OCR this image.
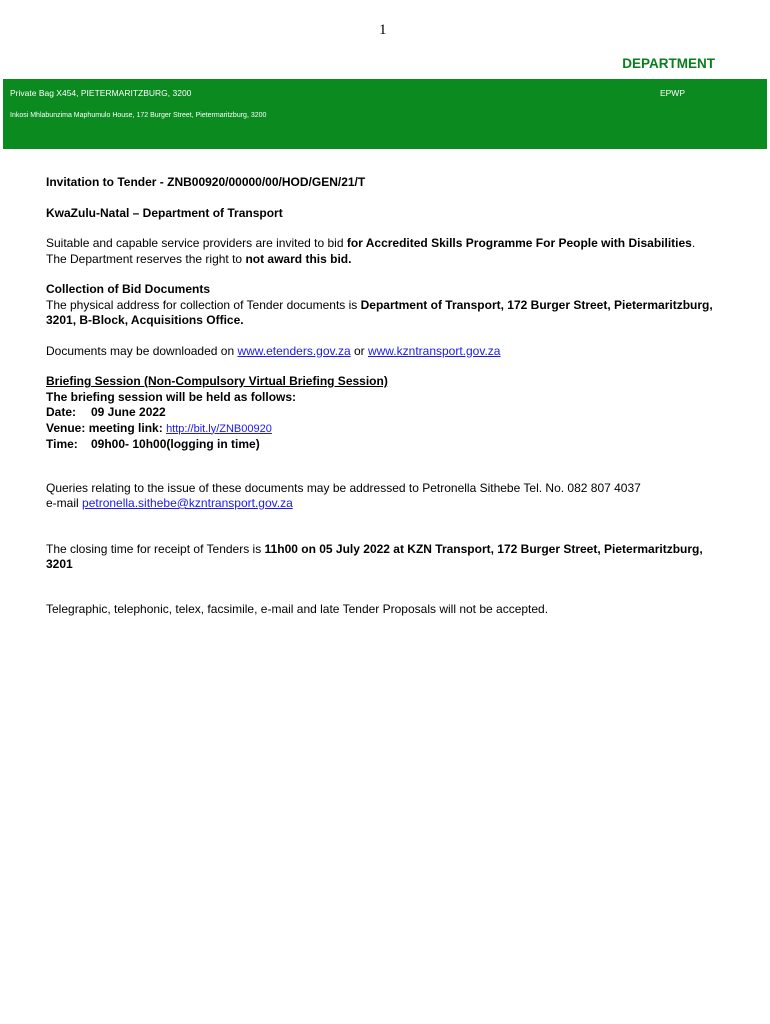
1
DEPARTMENT
Private Bag X454, PIETERMARITZBURG, 3200
Inkosi Mhlabunzima Maphumulo House, 172 Burger Street, Pietermaritzburg, 3200
EPWP

Invitation to Tender - ZNB00920/00000/00/HOD/GEN/21/T

KwaZulu-Natal – Department of Transport

Suitable and capable service providers are invited to bid for Accredited Skills Programme For People with Disabilities. The Department reserves the right to not award this bid.

Collection of Bid Documents

The physical address for collection of Tender documents is Department of Transport, 172 Burger Street, Pietermaritzburg, 3201, B-Block, Acquisitions Office.

Documents may be downloaded on www.etenders.gov.za or www.kzntransport.gov.za

Briefing Session (Non-Compulsory Virtual Briefing Session)

The briefing session will be held as follows:

Date: 09 June 2022

Venue: meeting link: http://bit.ly/ZNB00920

Time: 09h00- 10h00(logging in time)

Queries relating to the issue of these documents may be addressed to Petronella Sithebe Tel. No. 082 807 4037

e-mail petronella.sithebe@kzntransport.gov.za

The closing time for receipt of Tenders is 11h00 on 05 July 2022 at KZN Transport, 172 Burger Street, Pietermaritzburg, 3201

Telegraphic, telephonic, telex, facsimile, e-mail and late Tender Proposals will not be accepted.
